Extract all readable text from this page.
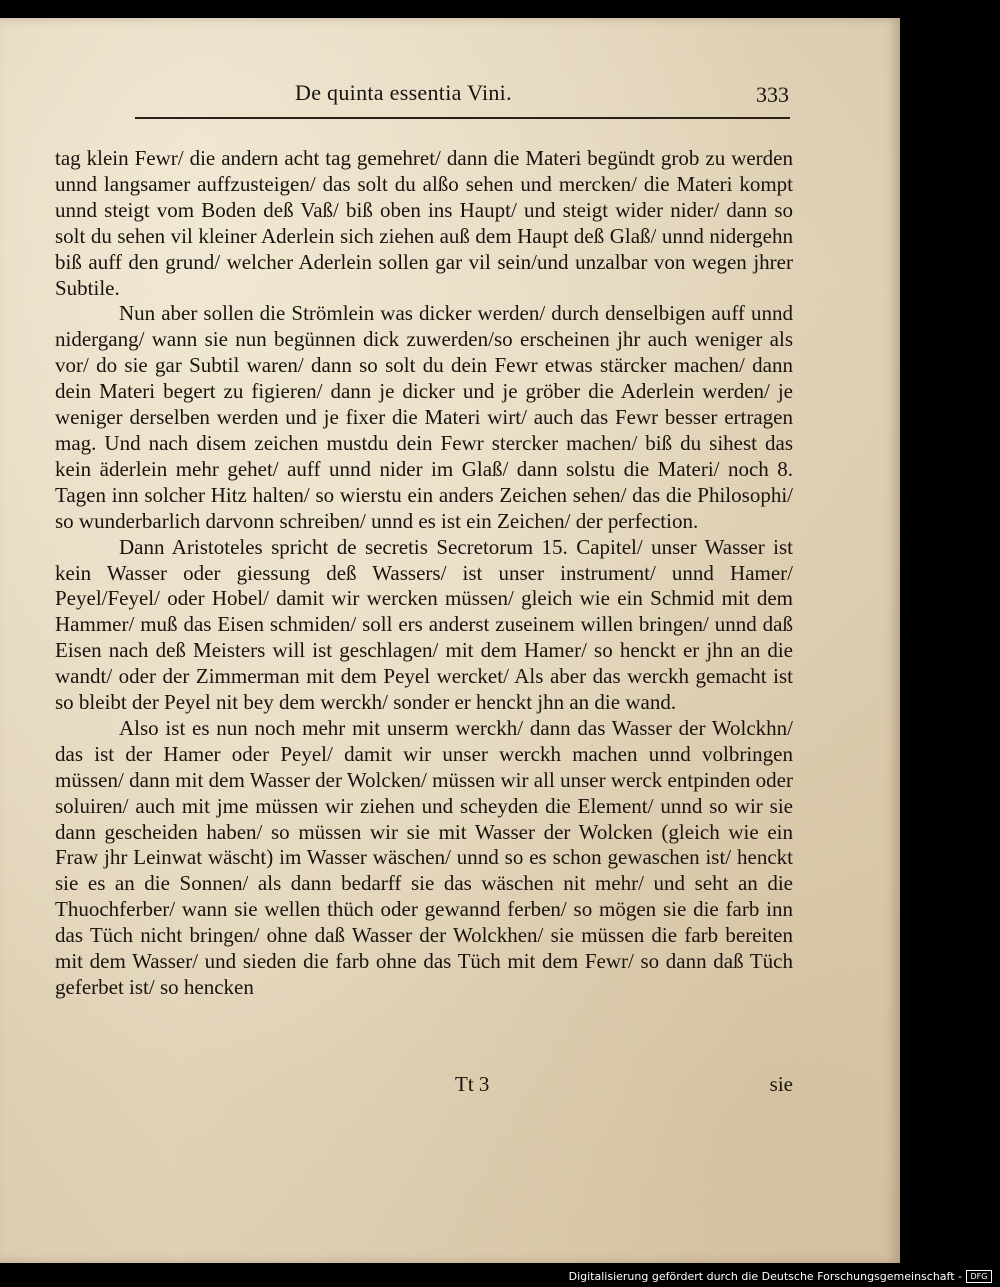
De quinta essentia Vini.	333

tag klein Fewr/ die andern acht tag gemehret/ dann die Materi begündt grob zu werden unnd langsamer auffzusteigen/ das solt du alßo sehen und mercken/ die Materi kompt unnd steigt vom Boden deß Vaß/ biß oben ins Haupt/ und steigt wider nider/ dann so solt du sehen vil kleiner Aderlein sich ziehen auß dem Haupt deß Glaß/ unnd nidergehn biß auff den grund/ welcher Aderlein sollen gar vil sein/und unzalbar von wegen jhrer Subtile.

Nun aber sollen die Strömlein was dicker werden/ durch denselbigen auff unnd nidergang/ wann sie nun begünnen dick zuwerden/so erscheinen jhr auch weniger als vor/ do sie gar Subtil waren/ dann so solt du dein Fewr etwas stärcker machen/ dann dein Materi begert zu figieren/ dann je dicker und je gröber die Aderlein werden/ je weniger derselben werden und je fixer die Materi wirt/ auch das Fewr besser ertragen mag. Und nach disem zeichen mustdu dein Fewr stercker machen/ biß du sihest das kein äderlein mehr gehet/ auff unnd nider im Glaß/ dann solstu die Materi/ noch 8. Tagen inn solcher Hitz halten/ so wierstu ein anders Zeichen sehen/ das die Philosophi/ so wunderbarlich darvonn schreiben/ unnd es ist ein Zeichen/ der perfection.

Dann Aristoteles spricht de secretis Secretorum 15. Capitel/ unser Wasser ist kein Wasser oder giessung deß Wassers/ ist unser instrument/ unnd Hamer/ Peyel/Feyel/ oder Hobel/ damit wir wercken müssen/ gleich wie ein Schmid mit dem Hammer/ muß das Eisen schmiden/ soll ers anderst zuseinem willen bringen/ unnd daß Eisen nach deß Meisters will ist geschlagen/ mit dem Hamer/ so henckt er jhn an die wandt/ oder der Zimmerman mit dem Peyel wercket/ Als aber das werckh gemacht ist so bleibt der Peyel nit bey dem werckh/ sonder er henckt jhn an die wand.

Also ist es nun noch mehr mit unserm werckh/ dann das Wasser der Wolckhn/ das ist der Hamer oder Peyel/ damit wir unser werckh machen unnd volbringen müssen/ dann mit dem Wasser der Wolcken/ müssen wir all unser werck entpinden oder soluiren/ auch mit jme müssen wir ziehen und scheyden die Element/ unnd so wir sie dann gescheiden haben/ so müssen wir sie mit Wasser der Wolcken (gleich wie ein Fraw jhr Leinwat wäscht) im Wasser wäschen/ unnd so es schon gewaschen ist/ henckt sie es an die Sonnen/ als dann bedarff sie das wäschen nit mehr/ und seht an die Thuochferber/ wann sie wellen thüch oder gewannd ferben/ so mögen sie die farb inn das Tüch nicht bringen/ ohne daß Wasser der Wolckhen/ sie müssen die farb bereiten mit dem Wasser/ und sieden die farb ohne das Tüch mit dem Fewr/ so dann daß Tüch geferbet ist/ so hencken

Tt 3	sie
Digitalisierung gefördert durch die Deutsche Forschungsgemeinschaft -	DFG
